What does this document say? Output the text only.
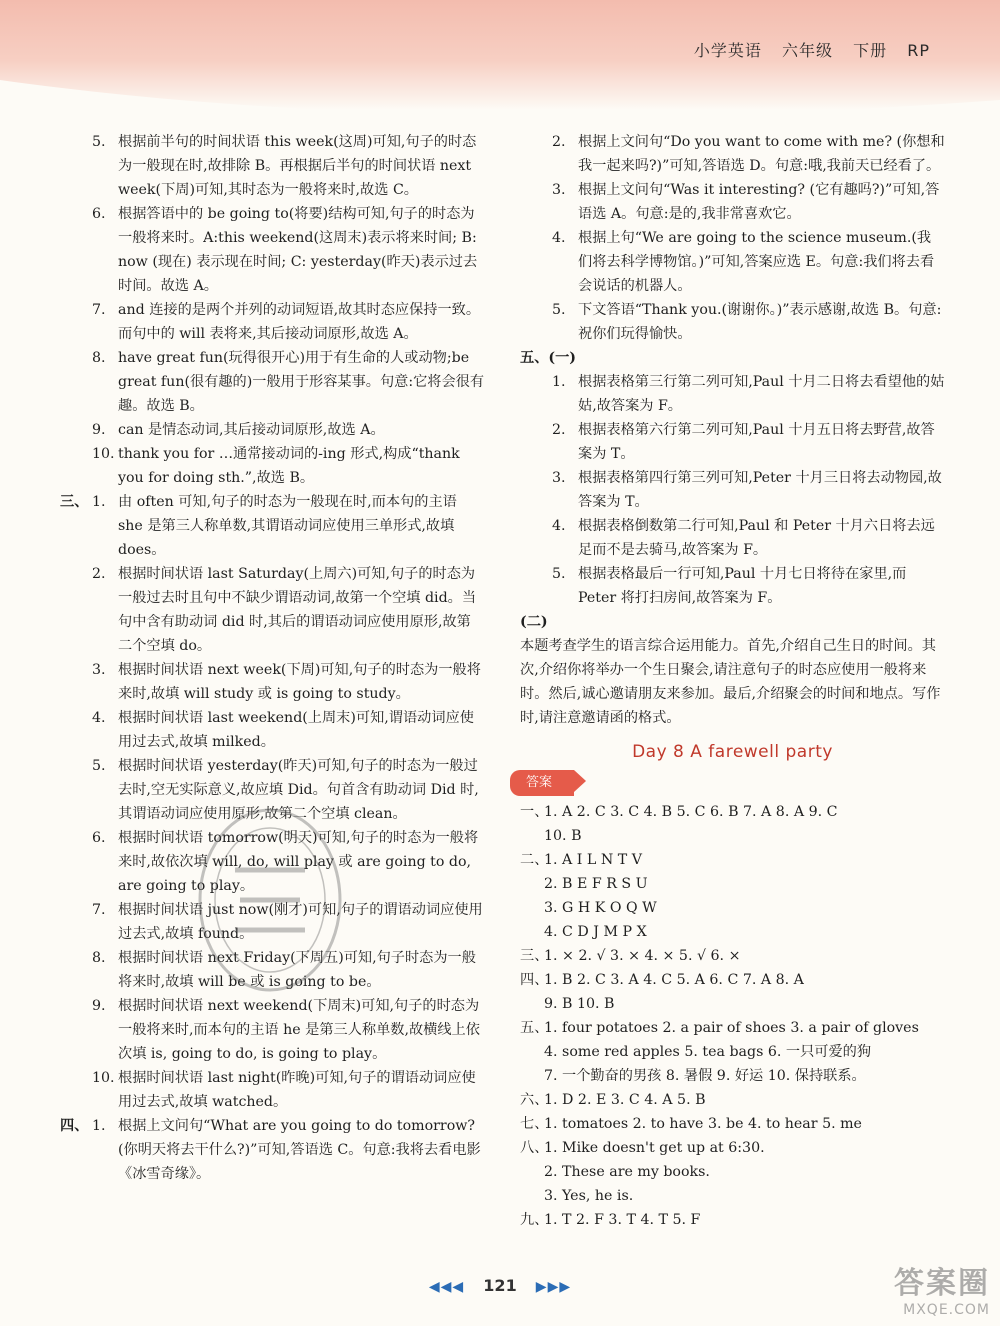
小学英语 六年级 下册 RP
5. 根据前半句的时间状语 this week(这周)可知,句子的时态为一般现在时,故排除 B。再根据后半句的时间状语 next week(下周)可知,其时态为一般将来时,故选 C。
6. 根据答语中的 be going to(将要)结构可知,句子的时态为一般将来时。A:this weekend(这周末)表示将来时间; B: now (现在) 表示现在时间; C: yesterday(昨天)表示过去时间。故选 A。
7. and 连接的是两个并列的动词短语,故其时态应保持一致。而句中的 will 表将来,其后接动词原形,故选 A。
8. have great fun(玩得很开心)用于有生命的人或动物;be great fun(很有趣的)一般用于形容某事。句意:它将会很有趣。故选 B。
9. can 是情态动词,其后接动词原形,故选 A。
10. thank you for …通常接动词的-ing 形式,构成“thank you for doing sth.”,故选 B。
三、 1. 由 often 可知,句子的时态为一般现在时,而本句的主语 she 是第三人称单数,其谓语动词应使用三单形式,故填 does。
2. 根据时间状语 last Saturday(上周六)可知,句子的时态为一般过去时且句中不缺少谓语动词,故第一个空填 did。当句中含有助动词 did 时,其后的谓语动词应使用原形,故第二个空填 do。
3. 根据时间状语 next week(下周)可知,句子的时态为一般将来时,故填 will study 或 is going to study。
4. 根据时间状语 last weekend(上周末)可知,谓语动词应使用过去式,故填 milked。
5. 根据时间状语 yesterday(昨天)可知,句子的时态为一般过去时,空无实际意义,故应填 Did。句首含有助动词 Did 时,其谓语动词应使用原形,故第二个空填 clean。
6. 根据时间状语 tomorrow(明天)可知,句子的时态为一般将来时,故依次填 will, do, will play 或 are going to do, are going to play。
7. 根据时间状语 just now(刚才)可知,句子的谓语动词应使用过去式,故填 found。
8. 根据时间状语 next Friday(下周五)可知,句子时态为一般将来时,故填 will be 或 is going to be。
9. 根据时间状语 next weekend(下周末)可知,句子的时态为一般将来时,而本句的主语 he 是第三人称单数,故横线上依次填 is, going to do, is going to play。
10. 根据时间状语 last night(昨晚)可知,句子的谓语动词应使用过去式,故填 watched。
四、 1. 根据上文问句“What are you going to do tomorrow? (你明天将去干什么?)”可知,答语选 C。句意:我将去看电影《冰雪奇缘》。
2. 根据上文问句“Do you want to come with me? (你想和我一起来吗?)”可知,答语选 D。句意:哦,我前天已经看了。
3. 根据上文问句“Was it interesting? (它有趣吗?)”可知,答语选 A。句意:是的,我非常喜欢它。
4. 根据上句“We are going to the science museum.(我们将去科学博物馆。)”可知,答案应选 E。句意:我们将去看会说话的机器人。
5. 下文答语“Thank you.(谢谢你。)”表示感谢,故选 B。句意:祝你们玩得愉快。
五、(一)
1. 根据表格第三行第二列可知,Paul 十月二日将去看望他的姑姑,故答案为 F。
2. 根据表格第六行第二列可知,Paul 十月五日将去野营,故答案为 T。
3. 根据表格第四行第三列可知,Peter 十月三日将去动物园,故答案为 T。
4. 根据表格倒数第二行可知,Paul 和 Peter 十月六日将去远足而不是去骑马,故答案为 F。
5. 根据表格最后一行可知,Paul 十月七日将待在家里,而 Peter 将打扫房间,故答案为 F。
(二)
本题考查学生的语言综合运用能力。首先,介绍自己生日的时间。其次,介绍你将举办一个生日聚会,请注意句子的时态应使用一般将来时。然后,诚心邀请朋友来参加。最后,介绍聚会的时间和地点。写作时,请注意邀请函的格式。
Day 8 A farewell party
答案
一、
1. A 2. C 3. C 4. B 5. C 6. B 7. A 8. A 9. C
10. B
二、
1. A I L N T V
2. B E F R S U
3. G H K O Q W
4. C D J M P X
三、
1. × 2. √ 3. × 4. × 5. √ 6. ×
四、
1. B 2. C 3. A 4. C 5. A 6. C 7. A 8. A
9. B 10. B
五、
1. four potatoes 2. a pair of shoes 3. a pair of gloves
4. some red apples 5. tea bags 6. 一只可爱的狗
7. 一个勤奋的男孩 8. 暑假 9. 好运 10. 保持联系。
六、
1. D 2. E 3. C 4. A 5. B
七、
1. tomatoes 2. to have 3. be 4. to hear 5. me
八、
1. Mike doesn't get up at 6:30.
2. These are my books.
3. Yes, he is.
九、
1. T 2. F 3. T 4. T 5. F
◀◀◀ 121 ▶▶▶	答案圈
MXQE.COM
